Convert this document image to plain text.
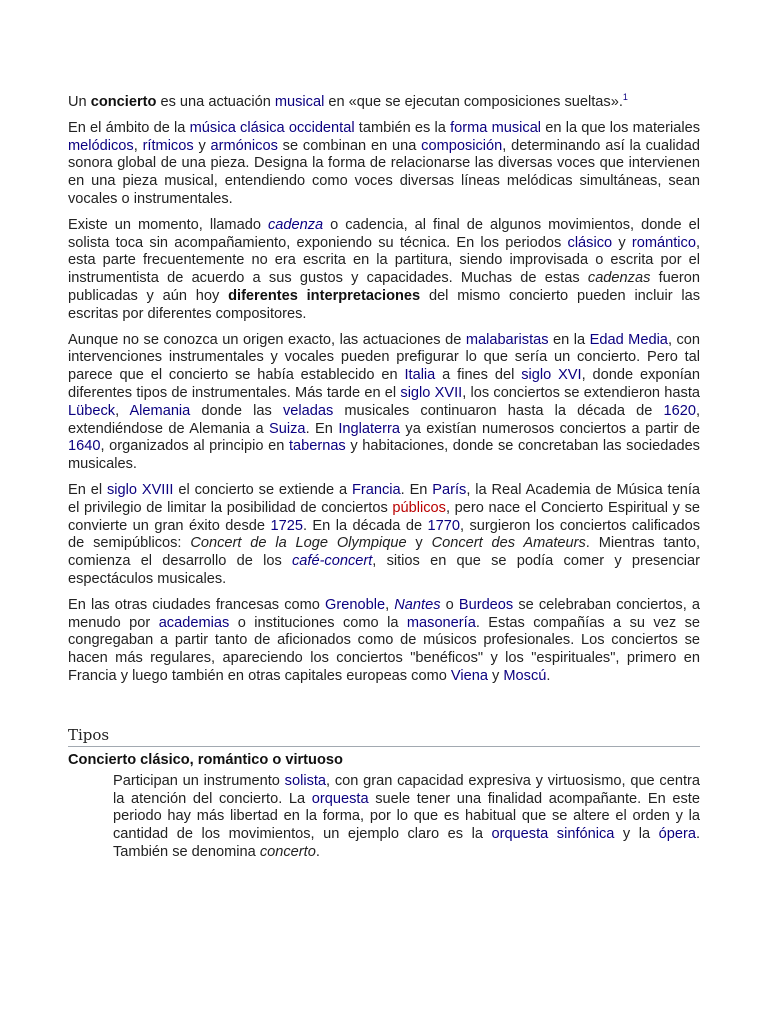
Un concierto es una actuación musical en «que se ejecutan composiciones sueltas».$^1$

En el ámbito de la música clásica occidental también es la forma musical en la que los materiales melódicos, rítmicos y armónicos se combinan en una composición, determinando así la cualidad sonora global de una pieza. Designa la forma de relacionarse las diversas voces que intervienen en una pieza musical, entendiendo como voces diversas líneas melódicas simultáneas, sean vocales o instrumentales.

Existe un momento, llamado cadenza o cadencia, al final de algunos movimientos, donde el solista toca sin acompañamiento, exponiendo su técnica. En los periodos clásico y romántico, esta parte frecuentemente no era escrita en la partitura, siendo improvisada o escrita por el instrumentista de acuerdo a sus gustos y capacidades. Muchas de estas cadenzas fueron publicadas y aún hoy diferentes interpretaciones del mismo concierto pueden incluir las escritas por diferentes compositores.

Aunque no se conozca un origen exacto, las actuaciones de malabaristas en la Edad Media, con intervenciones instrumentales y vocales pueden prefigurar lo que sería un concierto. Pero tal parece que el concierto se había establecido en Italia a fines del siglo XVI, donde exponían diferentes tipos de instrumentales. Más tarde en el siglo XVII, los conciertos se extendieron hasta Lübeck, Alemania donde las veladas musicales continuaron hasta la década de 1620, extendiéndose de Alemania a Suiza. En Inglaterra ya existían numerosos conciertos a partir de 1640, organizados al principio en tabernas y habitaciones, donde se concretaban las sociedades musicales.

En el siglo XVIII el concierto se extiende a Francia. En París, la Real Academia de Música tenía el privilegio de limitar la posibilidad de conciertos públicos, pero nace el Concierto Espiritual y se convierte un gran éxito desde 1725. En la década de 1770, surgieron los conciertos calificados de semipúblicos: Concert de la Loge Olympique y Concert des Amateurs. Mientras tanto, comienza el desarrollo de los café-concert, sitios en que se podía comer y presenciar espectáculos musicales.

En las otras ciudades francesas como Grenoble, Nantes o Burdeos se celebraban conciertos, a menudo por academias o instituciones como la masonería. Estas compañías a su vez se congregaban a partir tanto de aficionados como de músicos profesionales. Los conciertos se hacen más regulares, apareciendo los conciertos "benéficos" y los "espirituales", primero en Francia y luego también en otras capitales europeas como Viena y Moscú.

Tipos
Concierto clásico, romántico o virtuoso

Participan un instrumento solista, con gran capacidad expresiva y virtuosismo, que centra la atención del concierto. La orquesta suele tener una finalidad acompañante. En este periodo hay más libertad en la forma, por lo que es habitual que se altere el orden y la cantidad de los movimientos, un ejemplo claro es la orquesta sinfónica y la ópera. También se denomina concerto.
